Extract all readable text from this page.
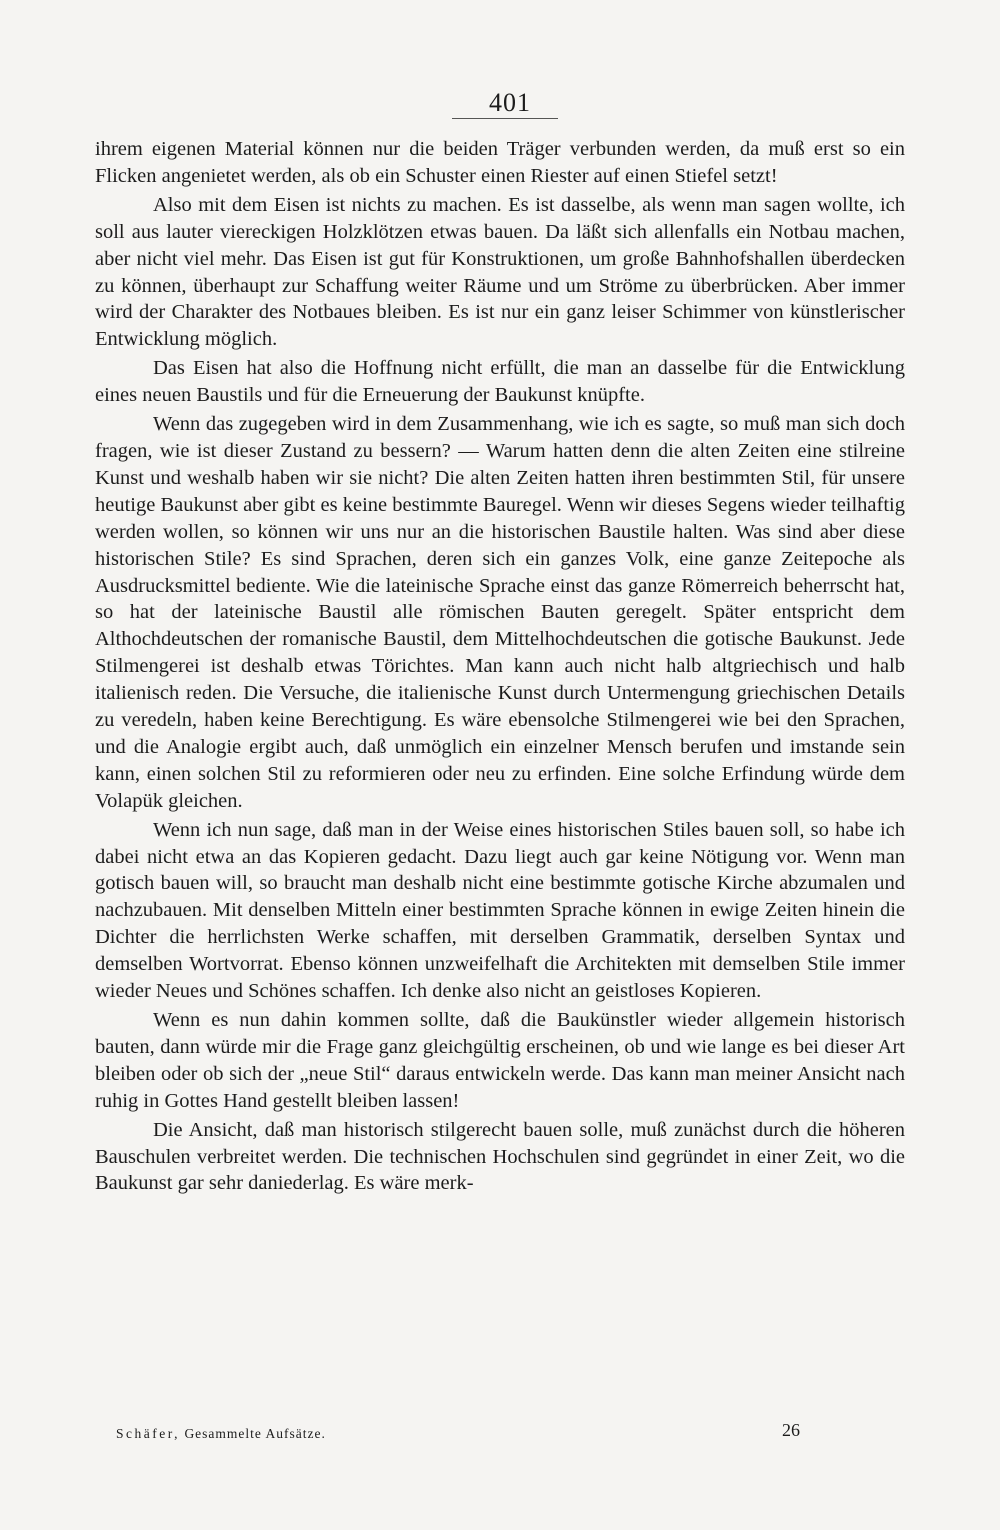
401

ihrem eigenen Material können nur die beiden Träger verbunden werden, da muß erst so ein Flicken angenietet werden, als ob ein Schuster einen Riester auf einen Stiefel setzt!

Also mit dem Eisen ist nichts zu machen. Es ist dasselbe, als wenn man sagen wollte, ich soll aus lauter viereckigen Holzklötzen etwas bauen. Da läßt sich allenfalls ein Notbau machen, aber nicht viel mehr. Das Eisen ist gut für Konstruktionen, um große Bahnhofshallen überdecken zu können, überhaupt zur Schaffung weiter Räume und um Ströme zu überbrücken. Aber immer wird der Charakter des Notbaues bleiben. Es ist nur ein ganz leiser Schimmer von künstlerischer Entwicklung möglich.

Das Eisen hat also die Hoffnung nicht erfüllt, die man an dasselbe für die Entwicklung eines neuen Baustils und für die Erneuerung der Baukunst knüpfte.

Wenn das zugegeben wird in dem Zusammenhang, wie ich es sagte, so muß man sich doch fragen, wie ist dieser Zustand zu bessern? — Warum hatten denn die alten Zeiten eine stilreine Kunst und weshalb haben wir sie nicht? Die alten Zeiten hatten ihren bestimmten Stil, für unsere heutige Baukunst aber gibt es keine bestimmte Bauregel. Wenn wir dieses Segens wieder teilhaftig werden wollen, so können wir uns nur an die historischen Baustile halten. Was sind aber diese historischen Stile? Es sind Sprachen, deren sich ein ganzes Volk, eine ganze Zeitepoche als Ausdrucksmittel bediente. Wie die lateinische Sprache einst das ganze Römerreich beherrscht hat, so hat der lateinische Baustil alle römischen Bauten geregelt. Später entspricht dem Althochdeutschen der romanische Baustil, dem Mittelhochdeutschen die gotische Baukunst. Jede Stilmengerei ist deshalb etwas Törichtes. Man kann auch nicht halb altgriechisch und halb italienisch reden. Die Versuche, die italienische Kunst durch Untermengung griechischen Details zu veredeln, haben keine Berechtigung. Es wäre ebensolche Stilmengerei wie bei den Sprachen, und die Analogie ergibt auch, daß unmöglich ein einzelner Mensch berufen und imstande sein kann, einen solchen Stil zu reformieren oder neu zu erfinden. Eine solche Erfindung würde dem Volapük gleichen.

Wenn ich nun sage, daß man in der Weise eines historischen Stiles bauen soll, so habe ich dabei nicht etwa an das Kopieren gedacht. Dazu liegt auch gar keine Nötigung vor. Wenn man gotisch bauen will, so braucht man deshalb nicht eine bestimmte gotische Kirche abzumalen und nachzubauen. Mit denselben Mitteln einer bestimmten Sprache können in ewige Zeiten hinein die Dichter die herrlichsten Werke schaffen, mit derselben Grammatik, derselben Syntax und demselben Wortvorrat. Ebenso können unzweifelhaft die Architekten mit demselben Stile immer wieder Neues und Schönes schaffen. Ich denke also nicht an geistloses Kopieren.

Wenn es nun dahin kommen sollte, daß die Baukünstler wieder allgemein historisch bauten, dann würde mir die Frage ganz gleichgültig erscheinen, ob und wie lange es bei dieser Art bleiben oder ob sich der „neue Stil“ daraus entwickeln werde. Das kann man meiner Ansicht nach ruhig in Gottes Hand gestellt bleiben lassen!

Die Ansicht, daß man historisch stilgerecht bauen solle, muß zunächst durch die höheren Bauschulen verbreitet werden. Die technischen Hochschulen sind gegründet in einer Zeit, wo die Baukunst gar sehr daniederlag. Es wäre merk-

Schäfer, Gesammelte Aufsätze.	26
